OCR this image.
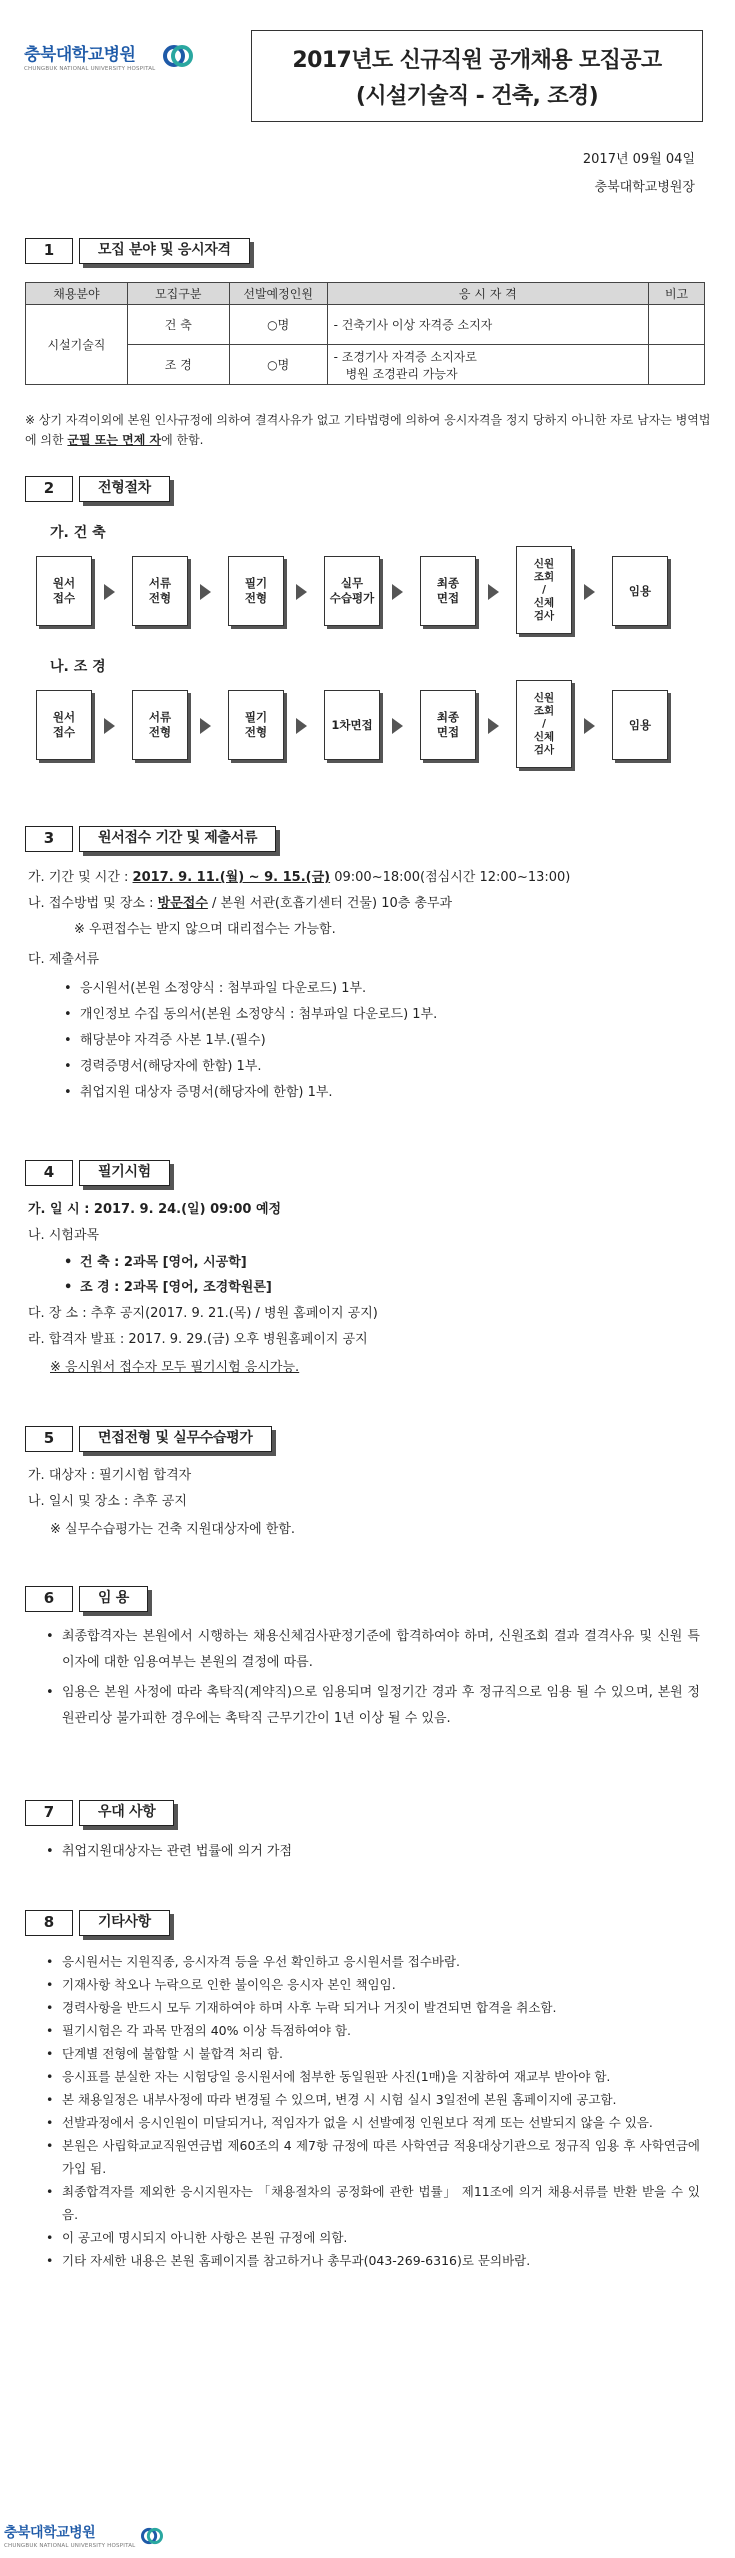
충북대학교병원
CHUNGBUK NATIONAL UNIVERSITY HOSPITAL	2017년도 신규직원 공개채용 모집공고
(시설기술직 - 건축, 조경)
2017년 09월 04일
충북대학교병원장
1	모집 분야 및 응시자격
채용분야	모집구분	선발예정인원	응 시 자 격	비고
시설기술직	건 축	○명	- 건축기사 이상 자격증 소지자	
	조 경	○명	- 조경기사 자격증 소지자로
병원 조경관리 가능자	

※ 상기 자격이외에 본원 인사규정에 의하여 결격사유가 없고 기타법령에 의하여 응시자격을 정지 당하지 아니한 자로 남자는 병역법에 의한 군필 또는 면제 자에 한함.
2	전형절차
가. 건 축
원서
접수
서류
전형
필기
전형
실무
수습평가
최종
면접
신원
조회
/
신체
검사
임용
나. 조 경
원서
접수
서류
전형
필기
전형
1차면접
최종
면접
신원
조회
/
신체
검사
임용
3	원서접수 기간 및 제출서류
가. 기간 및 시간 : 2017. 9. 11.(월) ~ 9. 15.(금) 09:00~18:00(점심시간 12:00~13:00)
나. 접수방법 및 장소 : 방문접수 / 본원 서관(호흡기센터 건물) 10층 총무과
※ 우편접수는 받지 않으며 대리접수는 가능함.
다. 제출서류
• 응시원서(본원 소정양식 : 첨부파일 다운로드) 1부.
• 개인정보 수집 동의서(본원 소정양식 : 첨부파일 다운로드) 1부.
• 해당분야 자격증 사본 1부.(필수)
• 경력증명서(해당자에 한함) 1부.
• 취업지원 대상자 증명서(해당자에 한함) 1부.
4	필기시험
가. 일 시 : 2017. 9. 24.(일) 09:00 예정
나. 시험과목
• 건 축 : 2과목 [영어, 시공학]
• 조 경 : 2과목 [영어, 조경학원론]
다. 장 소 : 추후 공지(2017. 9. 21.(목) / 병원 홈페이지 공지)
라. 합격자 발표 : 2017. 9. 29.(금) 오후 병원홈페이지 공지
※ 응시원서 접수자 모두 필기시험 응시가능.
5	면접전형 및 실무수습평가
가. 대상자 : 필기시험 합격자
나. 일시 및 장소 : 추후 공지
※ 실무수습평가는 건축 지원대상자에 한함.
6	임 용
• 최종합격자는 본원에서 시행하는 채용신체검사판정기준에 합격하여야 하며, 신원조회 결과 결격사유 및 신원 특이자에 대한 임용여부는 본원의 결정에 따름.
• 임용은 본원 사정에 따라 촉탁직(계약직)으로 임용되며 일정기간 경과 후 정규직으로 임용 될 수 있으며, 본원 정원관리상 불가피한 경우에는 촉탁직 근무기간이 1년 이상 될 수 있음.
7	우대 사항
• 취업지원대상자는 관련 법률에 의거 가점
8	기타사항
• 응시원서는 지원직종, 응시자격 등을 우선 확인하고 응시원서를 접수바람.
• 기재사항 착오나 누락으로 인한 불이익은 응시자 본인 책임임.
• 경력사항을 반드시 모두 기재하여야 하며 사후 누락 되거나 거짓이 발견되면 합격을 취소함.
• 필기시험은 각 과목 만점의 40% 이상 득점하여야 함.
• 단계별 전형에 불합할 시 불합격 처리 함.
• 응시표를 분실한 자는 시험당일 응시원서에 첨부한 동일원판 사진(1매)을 지참하여 재교부 받아야 함.
• 본 채용일정은 내부사정에 따라 변경될 수 있으며, 변경 시 시험 실시 3일전에 본원 홈페이지에 공고함.
• 선발과정에서 응시인원이 미달되거나, 적임자가 없을 시 선발예정 인원보다 적게 또는 선발되지 않을 수 있음.
• 본원은 사립학교교직원연금법 제60조의 4 제7항 규정에 따른 사학연금 적용대상기관으로 정규직 임용 후 사학연금에 가입 됨.
• 최종합격자를 제외한 응시지원자는 「채용절차의 공정화에 관한 법률」 제11조에 의거 채용서류를 반환 받을 수 있음.
• 이 공고에 명시되지 아니한 사항은 본원 규정에 의함.
• 기타 자세한 내용은 본원 홈페이지를 참고하거나 총무과(043-269-6316)로 문의바람.
충북대학교병원
CHUNGBUK NATIONAL UNIVERSITY HOSPITAL
